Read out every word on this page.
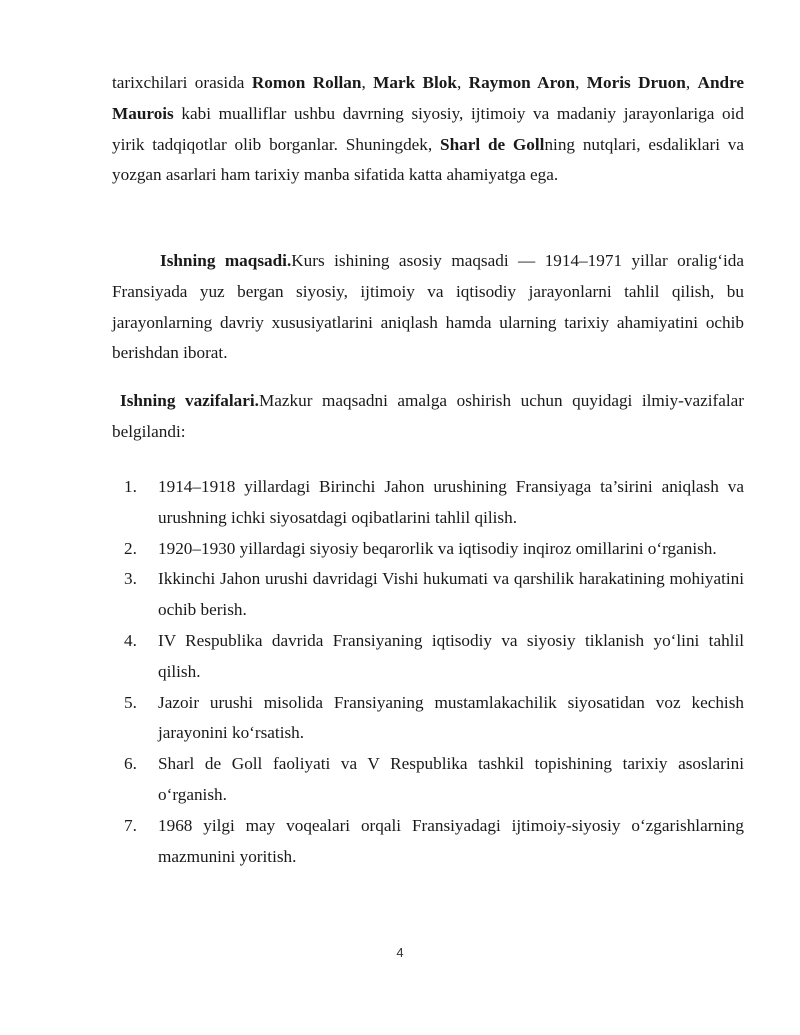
tarixchilari orasida Romon Rollan, Mark Blok, Raymon Aron, Moris Druon, Andre Maurois kabi mualliflar ushbu davrning siyosiy, ijtimoiy va madaniy jarayonlariga oid yirik tadqiqotlar olib borganlar. Shuningdek, Sharl de Gollning nutqlari, esdaliklari va yozgan asarlari ham tarixiy manba sifatida katta ahamiyatga ega.

Ishning maqsadi.Kurs ishining asosiy maqsadi — 1914–1971 yillar oralig‘ida Fransiyada yuz bergan siyosiy, ijtimoiy va iqtisodiy jarayonlarni tahlil qilish, bu jarayonlarning davriy xususiyatlarini aniqlash hamda ularning tarixiy ahamiyatini ochib berishdan iborat.

Ishning vazifalari.Mazkur maqsadni amalga oshirish uchun quyidagi ilmiy-vazifalar belgilandi:

1. 1914–1918 yillardagi Birinchi Jahon urushining Fransiyaga ta’sirini aniqlash va urushning ichki siyosatdagi oqibatlarini tahlil qilish.
2. 1920–1930 yillardagi siyosiy beqarorlik va iqtisodiy inqiroz omillarini o‘rganish.
3. Ikkinchi Jahon urushi davridagi Vishi hukumati va qarshilik harakatining mohiyatini ochib berish.
4. IV Respublika davrida Fransiyaning iqtisodiy va siyosiy tiklanish yo‘lini tahlil qilish.
5. Jazoir urushi misolida Fransiyaning mustamlakachilik siyosatidan voz kechish jarayonini ko‘rsatish.
6. Sharl de Goll faoliyati va V Respublika tashkil topishining tarixiy asoslarini o‘rganish.
7. 1968 yilgi may voqealari orqali Fransiyadagi ijtimoiy-siyosiy o‘zgarishlarning mazmunini yoritish.
4
